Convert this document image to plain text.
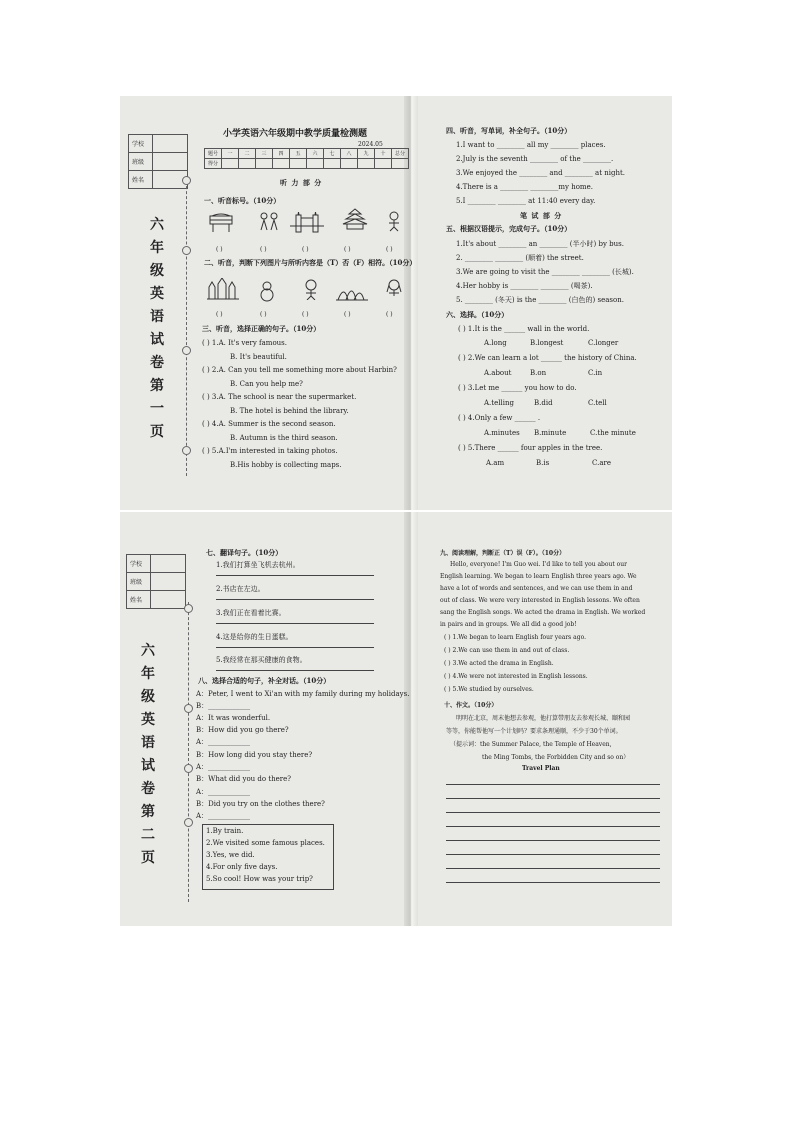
学校
班级
姓名
六
年
级
英
语
试
卷
第
一
页
小学英语六年级期中教学质量检测题
2024.05
题号	一	二	三	四	五	六	七	八	九	十	总分
得分											
听 力 部 分
一、听音标号。（10分）
( )	( )	( )	( )	( )
二、听音，判断下列图片与所听内容是（T）否（F）相符。（10分）
( )	( )	( )	( )	( )
三、听音，选择正确的句子。（10分）
( ) 1.A. It's very famous.
B. It's beautiful.
( ) 2.A. Can you tell me something more about Harbin?
B. Can you help me?
( ) 3.A. The school is near the supermarket.
B. The hotel is behind the library.
( ) 4.A. Summer is the second season.
B. Autumn is the third season.
( ) 5.A.I'm interested in taking photos.
B.His hobby is collecting maps.
四、听音，写单词，补全句子。（10分）
1.I want to ________ all my ________ places.
2.July is the seventh ________ of the ________.
3.We enjoyed the ________ and ________ at night.
4.There is a ________ ________my home.
5.I ________ ________ at 11:40 every day.
笔 试 部 分
五、根据汉语提示，完成句子。（10分）
1.It's about ________ an ________ (半小时) by bus.
2. ________ ________ (顺着) the street.
3.We are going to visit the ________ ________ (长城).
4.Her hobby is ________ ________ (喝茶).
5. ________ (冬天) is the ________ (白色的) season.
六、选择。（10分）
( ) 1.It is the ______ wall in the world.
A.long	B.longest	C.longer
( ) 2.We can learn a lot ______ the history of China.
A.about	B.on	C.in
( ) 3.Let me ______ you how to do.
A.telling	B.did	C.tell
( ) 4.Only a few ______ .
A.minutes B.minute	C.the minute
( ) 5.There ______ four apples in the tree.
A.am	B.is	C.are
学校
班级
姓名
六
年
级
英
语
试
卷
第
二
页
七、翻译句子。（10分）
1.我们打算坐飞机去杭州。
2.书店在左边。
3.我们正在看着比赛。
4.这是给你的生日蛋糕。
5.我经常在那买健康的食物。
八、选择合适的句子，补全对话。（10分）
A：Peter, I went to Xi'an with my family during my holidays.
B：____________
A：It was wonderful.
B：How did you go there?
A：____________
B：How long did you stay there?
A：____________
B：What did you do there?
A：____________
B：Did you try on the clothes there?
A：____________
1.By train.
2.We visited some famous places.
3.Yes, we did.
4.For only five days.
5.So cool! How was your trip?
九、阅读理解，判断正（T）误（F）。（10分）
Hello, everyone! I'm Guo wei. I'd like to tell you about our
English learning. We began to learn English three years ago. We
have a lot of words and sentences, and we can use them in and
out of class. We were very interested in English lessons. We often
sang the English songs. We acted the drama in English. We worked
in pairs and in groups. We all did a good job!
( ) 1.We began to learn English four years ago.
( ) 2.We can use them in and out of class.
( ) 3.We acted the drama in English.
( ) 4.We were not interested in English lessons.
( ) 5.We studied by ourselves.
十、作文。（10分）
明明在北京，周末他想去参观，他打算带朋友去参观长城、颐和园
等等，你能帮他写一个计划吗？要求条理通顺，不少于30个单词。
（提示词：the Summer Palace, the Temple of Heaven,
the Ming Tombs, the Forbidden City and so on）
Travel Plan
